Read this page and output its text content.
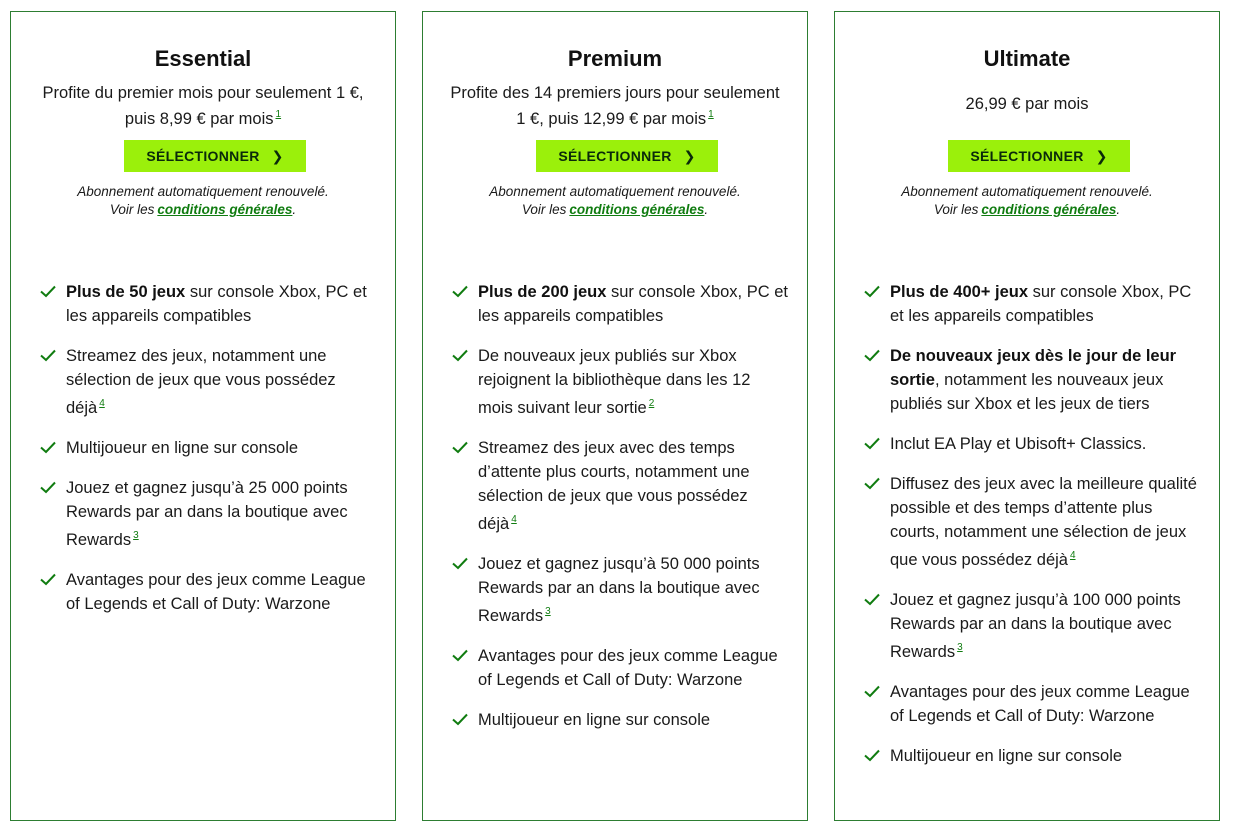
Essential
Profite du premier mois pour seulement 1 €,
puis 8,99 € par mois $^1$
SÉLECTIONNER ❯
Abonnement automatiquement renouvelé.
Voir les conditions générales.
Plus de 50 jeux sur console Xbox, PC et les appareils compatibles
Streamez des jeux, notamment une sélection de jeux que vous possédez déjà $^4$
Multijoueur en ligne sur console
Jouez et gagnez jusqu’à 25 000 points Rewards par an dans la boutique avec Rewards $^3$
Avantages pour des jeux comme League of Legends et Call of Duty: Warzone
Premium
Profite des 14 premiers jours pour seulement
1 €, puis 12,99 € par mois $^1$
SÉLECTIONNER ❯
Abonnement automatiquement renouvelé.
Voir les conditions générales.
Plus de 200 jeux sur console Xbox, PC et les appareils compatibles
De nouveaux jeux publiés sur Xbox rejoignent la bibliothèque dans les 12 mois suivant leur sortie $^2$
Streamez des jeux avec des temps d’attente plus courts, notamment une sélection de jeux que vous possédez déjà $^4$
Jouez et gagnez jusqu’à 50 000 points Rewards par an dans la boutique avec Rewards $^3$
Avantages pour des jeux comme League of Legends et Call of Duty: Warzone
Multijoueur en ligne sur console
Ultimate
26,99 € par mois
SÉLECTIONNER ❯
Abonnement automatiquement renouvelé.
Voir les conditions générales.
Plus de 400+ jeux sur console Xbox, PC et les appareils compatibles
De nouveaux jeux dès le jour de leur sortie, notamment les nouveaux jeux publiés sur Xbox et les jeux de tiers
Inclut EA Play et Ubisoft+ Classics.
Diffusez des jeux avec la meilleure qualité possible et des temps d’attente plus courts, notamment une sélection de jeux que vous possédez déjà $^4$
Jouez et gagnez jusqu’à 100 000 points Rewards par an dans la boutique avec Rewards $^3$
Avantages pour des jeux comme League of Legends et Call of Duty: Warzone
Multijoueur en ligne sur console
